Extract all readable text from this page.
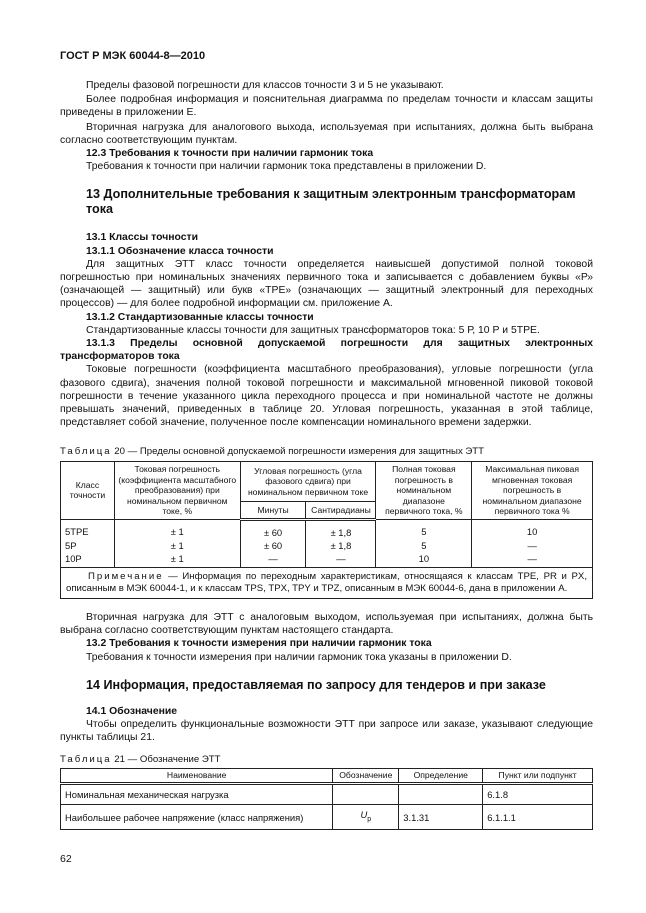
ГОСТ Р МЭК 60044-8—2010

Пределы фазовой погрешности для классов точности 3 и 5 не указывают.

Более подробная информация и пояснительная диаграмма по пределам точности и классам защиты приведены в приложении Е.

Вторичная нагрузка для аналогового выхода, используемая при испытаниях, должна быть выбрана согласно соответствующим пунктам.

12.3 Требования к точности при наличии гармоник тока

Требования к точности при наличии гармоник тока представлены в приложении D.

13 Дополнительные требования к защитным электронным трансформаторам тока

13.1 Классы точности

13.1.1 Обозначение класса точности

Для защитных ЭТТ класс точности определяется наивысшей допустимой полной токовой погрешностью при номинальных значениях первичного тока и записывается с добавлением буквы «Р» (означающей — защитный) или букв «TPE» (означающих — защитный электронный для переходных процессов) — для более подробной информации см. приложение А.

13.1.2 Стандартизованные классы точности

Стандартизованные классы точности для защитных трансформаторов тока: 5 Р, 10 Р и 5ТРЕ.

13.1.3 Пределы основной допускаемой погрешности для защитных электронных трансформаторов тока

Токовые погрешности (коэффициента масштабного преобразования), угловые погрешности (угла фазового сдвига), значения полной токовой погрешности и максимальной мгновенной пиковой токовой погрешности в течение указанного цикла переходного процесса и при номинальной частоте не должны превышать значений, приведенных в таблице 20. Угловая погрешность, указанная в этой таблице, представляет собой значение, полученное после компенсации номинального времени задержки.

Таблица 20 — Пределы основной допускаемой погрешности измерения для защитных ЭТТ

Класс точности	Токовая погрешность (коэффициента масштабного преобразования) при номинальном первичном токе, %	Угловая погрешность (угла фазового сдвига) при номинальном первичном токе		Полная токовая погрешность в номинальном диапазоне первичного тока, %	Максимальная пиковая мгновенная токовая погрешность в номинальном диапазоне первичного тока %
		Минуты	Сантирадианы		
5TPE	± 1	± 60	± 1,8	5	10
5P	± 1	± 60	± 1,8	5	—
10P	± 1	—	—	10	—
Примечание — Информация по переходным характеристикам, относящаяся к классам TPE, PR и PX, описанным в МЭК 60044-1, и к классам TPS, TPX, TPY и TPZ, описанным в МЭК 60044-6, дана в приложении А.					

Вторичная нагрузка для ЭТТ с аналоговым выходом, используемая при испытаниях, должна быть выбрана согласно соответствующим пунктам настоящего стандарта.

13.2 Требования к точности измерения при наличии гармоник тока

Требования к точности измерения при наличии гармоник тока указаны в приложении D.

14 Информация, предоставляемая по запросу для тендеров и при заказе

14.1 Обозначение

Чтобы определить функциональные возможности ЭТТ при запросе или заказе, указывают следующие пункты таблицы 21.

Таблица 21 — Обозначение ЭТТ

Наименование	Обозначение	Определение	Пункт или подпункт
Номинальная механическая нагрузка			6.1.8
Наибольшее рабочее напряжение (класс напряжения)	$U_р$	3.1.31	6.1.1.1
62
